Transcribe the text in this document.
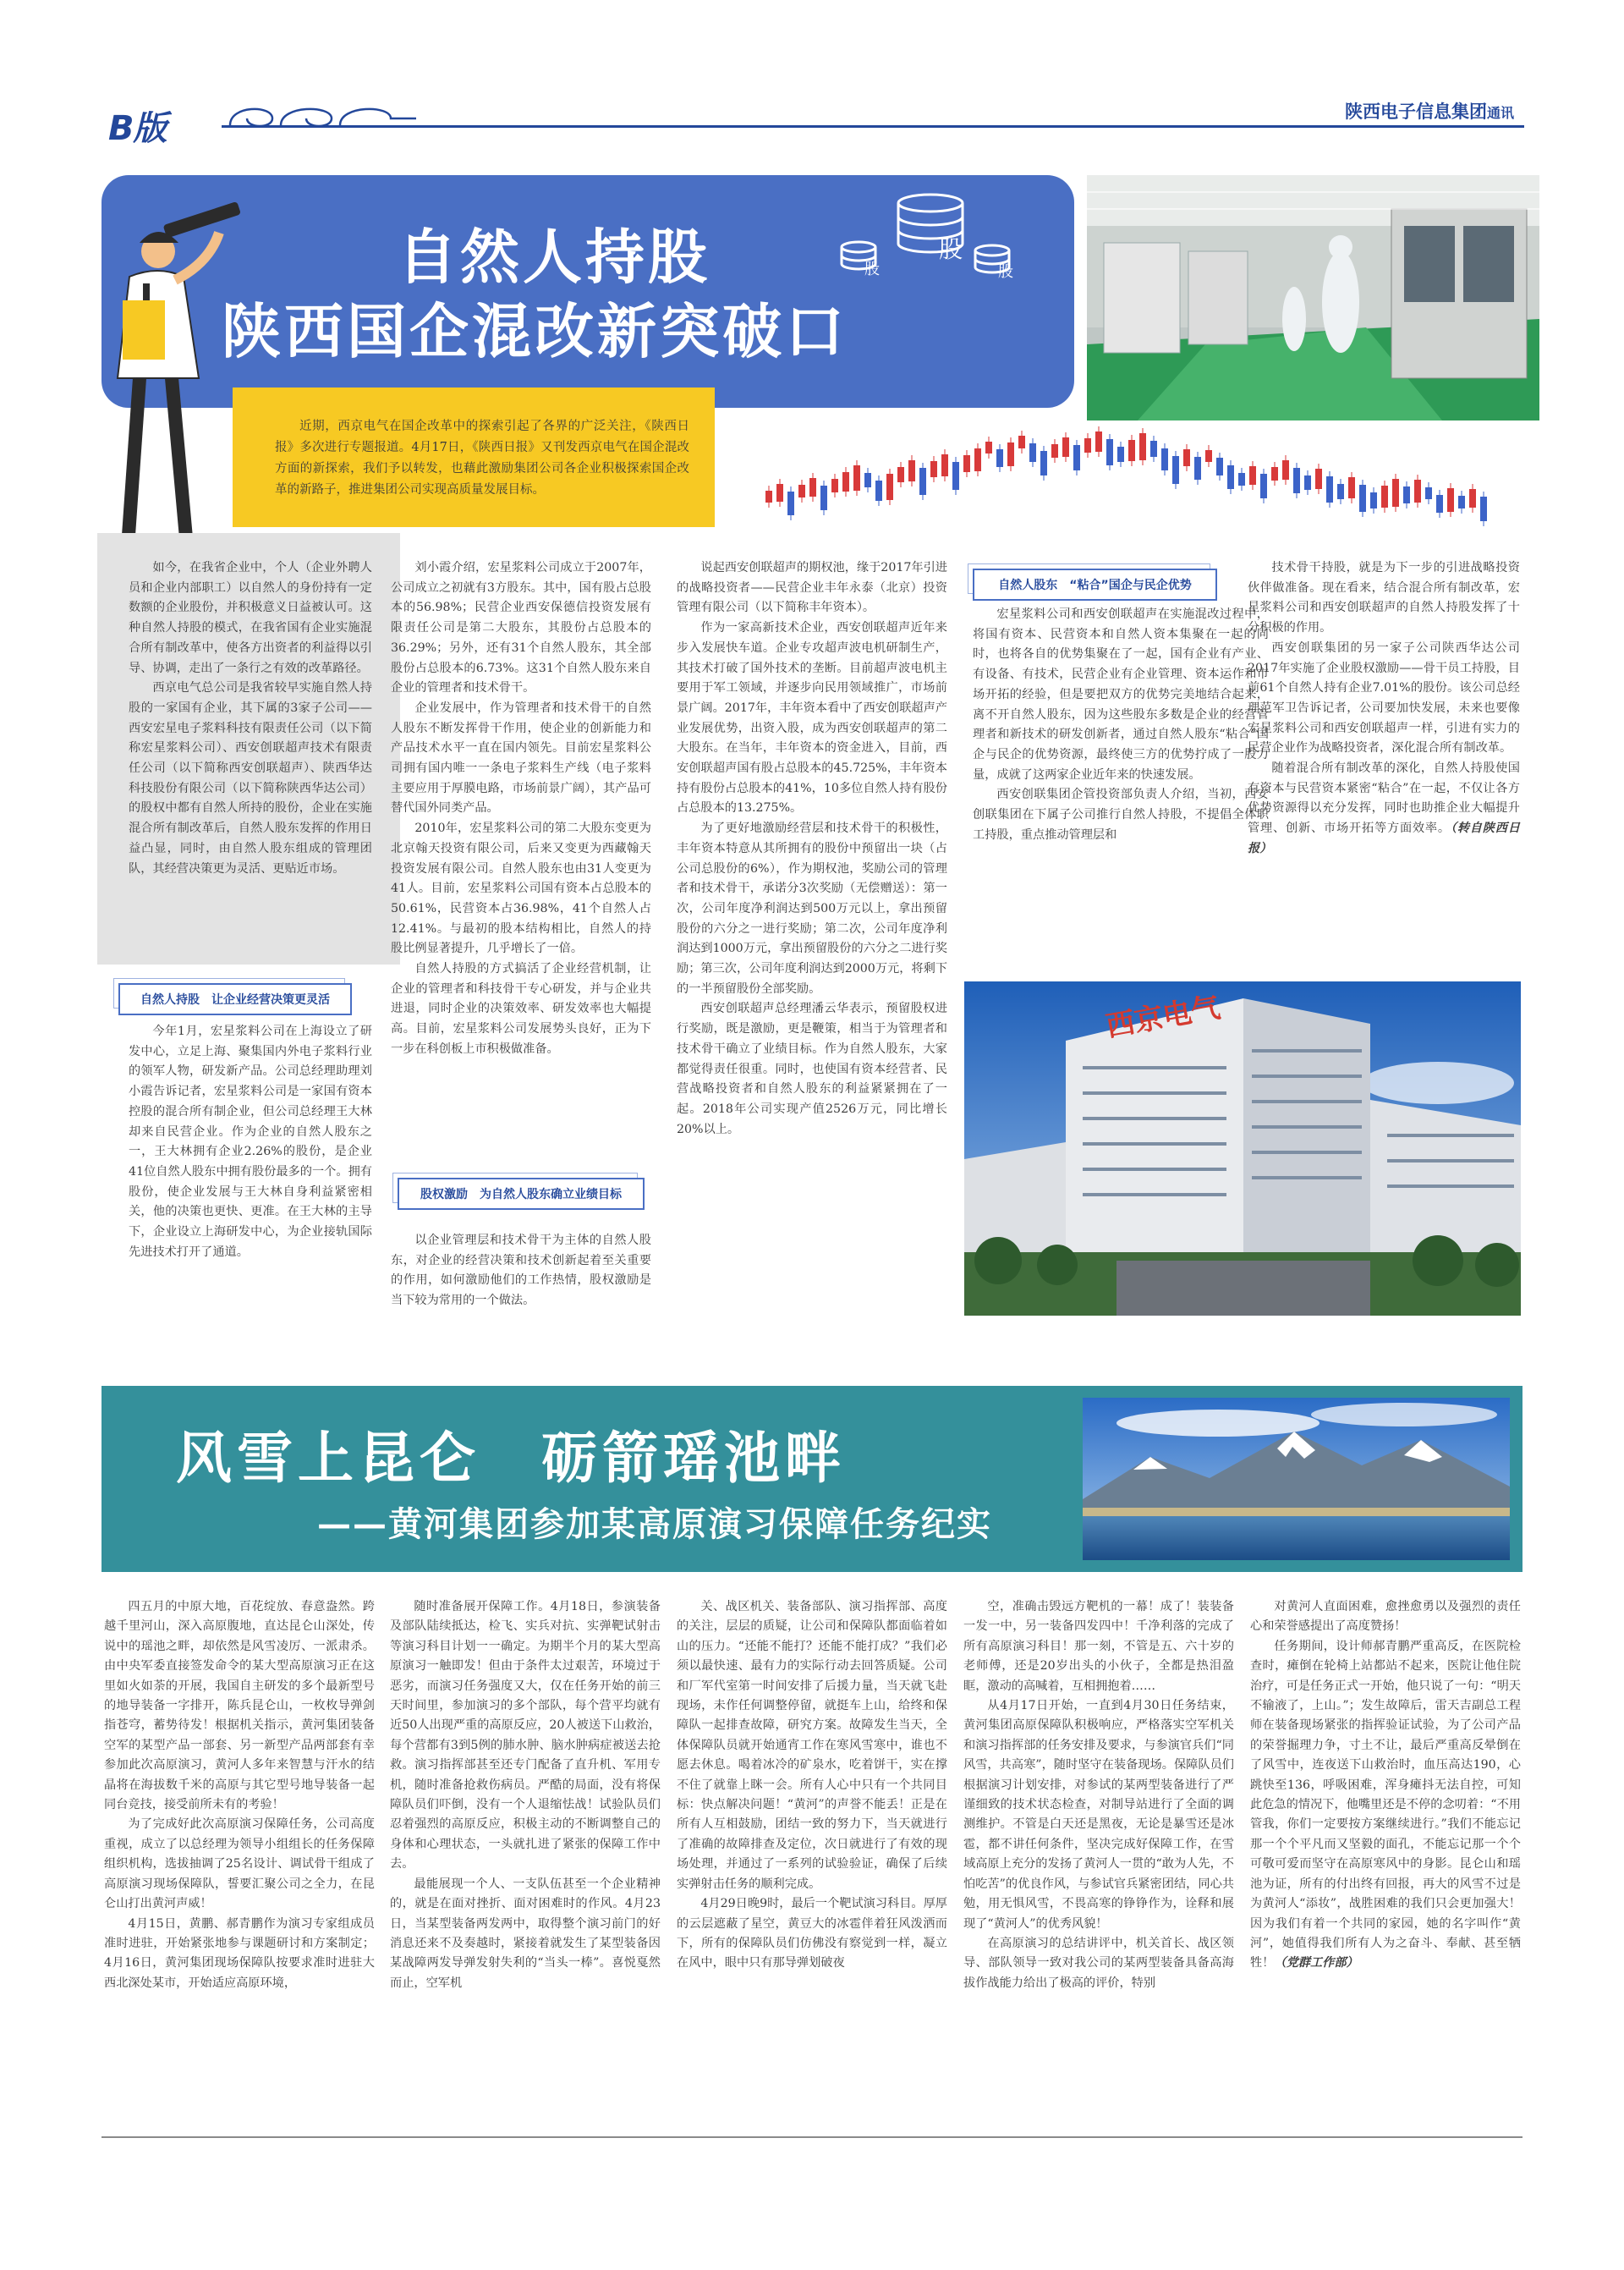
B版	陕西电子信息集团通讯
自然人持股
陕西国企混改新突破口
股
股
股
近期，西京电气在国企改革中的探索引起了各界的广泛关注，《陕西日报》多次进行专题报道。4月17日，《陕西日报》又刊发西京电气在国企混改方面的新探索，我们予以转发，也藉此激励集团公司各企业积极探索国企改革的新路子，推进集团公司实现高质量发展目标。

如今，在我省企业中，个人（企业外聘人员和企业内部职工）以自然人的身份持有一定数额的企业股份，并积极意义日益被认可。这种自然人持股的模式，在我省国有企业实施混合所有制改革中，使各方出资者的利益得以引导、协调，走出了一条行之有效的改革路径。

西京电气总公司是我省较早实施自然人持股的一家国有企业，其下属的3家子公司——西安宏星电子浆料科技有限责任公司（以下简称宏星浆料公司）、西安创联超声技术有限责任公司（以下简称西安创联超声）、陕西华达科技股份有限公司（以下简称陕西华达公司）的股权中都有自然人所持的股份，企业在实施混合所有制改革后，自然人股东发挥的作用日益凸显，同时，由自然人股东组成的管理团队，其经营决策更为灵活、更贴近市场。

自然人持股　让企业经营决策更灵活

今年1月，宏星浆料公司在上海设立了研发中心，立足上海、聚集国内外电子浆料行业的领军人物，研发新产品。公司总经理助理刘小霞告诉记者，宏星浆料公司是一家国有资本控股的混合所有制企业，但公司总经理王大林却来自民营企业。作为企业的自然人股东之一，王大林拥有企业2.26%的股份，是企业41位自然人股东中拥有股份最多的一个。拥有股份，使企业发展与王大林自身利益紧密相关，他的决策也更快、更准。在王大林的主导下，企业设立上海研发中心，为企业接轨国际先进技术打开了通道。

刘小霞介绍，宏星浆料公司成立于2007年，公司成立之初就有3方股东。其中，国有股占总股本的56.98%；民营企业西安保德信投资发展有限责任公司是第二大股东，其股份占总股本的36.29%；另外，还有31个自然人股东，其全部股份占总股本的6.73%。这31个自然人股东来自企业的管理者和技术骨干。

企业发展中，作为管理者和技术骨干的自然人股东不断发挥骨干作用，使企业的创新能力和产品技术水平一直在国内领先。目前宏星浆料公司拥有国内唯一一条电子浆料生产线（电子浆料主要应用于厚膜电路，市场前景广阔），其产品可替代国外同类产品。

2010年，宏星浆料公司的第二大股东变更为北京翰天投资有限公司，后来又变更为西藏翰天投资发展有限公司。自然人股东也由31人变更为41人。目前，宏星浆料公司国有资本占总股本的50.61%，民营资本占36.98%，41个自然人占12.41%。与最初的股本结构相比，自然人的持股比例显著提升，几乎增长了一倍。

自然人持股的方式搞活了企业经营机制，让企业的管理者和科技骨干专心研发，并与企业共进退，同时企业的决策效率、研发效率也大幅提高。目前，宏星浆料公司发展势头良好，正为下一步在科创板上市积极做准备。

股权激励　为自然人股东确立业绩目标

以企业管理层和技术骨干为主体的自然人股东，对企业的经营决策和技术创新起着至关重要的作用，如何激励他们的工作热情，股权激励是当下较为常用的一个做法。

说起西安创联超声的期权池，缘于2017年引进的战略投资者——民营企业丰年永泰（北京）投资管理有限公司（以下简称丰年资本）。

作为一家高新技术企业，西安创联超声近年来步入发展快车道。企业专攻超声波电机研制生产，其技术打破了国外技术的垄断。目前超声波电机主要用于军工领域，并逐步向民用领域推广，市场前景广阔。2017年，丰年资本看中了西安创联超声产业发展优势，出资入股，成为西安创联超声的第二大股东。在当年，丰年资本的资金进入，目前，西安创联超声国有股占总股本的45.725%，丰年资本持有股份占总股本的41%，10多位自然人持有股份占总股本的13.275%。

为了更好地激励经营层和技术骨干的积极性，丰年资本特意从其所拥有的股份中预留出一块（占公司总股份的6%），作为期权池，奖励公司的管理者和技术骨干，承诺分3次奖励（无偿赠送）：第一次，公司年度净利润达到500万元以上，拿出预留股份的六分之一进行奖励；第二次，公司年度净利润达到1000万元，拿出预留股份的六分之二进行奖励；第三次，公司年度利润达到2000万元，将剩下的一半预留股份全部奖励。

西安创联超声总经理潘云华表示，预留股权进行奖励，既是激励，更是鞭策，相当于为管理者和技术骨干确立了业绩目标。作为自然人股东，大家都觉得责任很重。同时，也使国有资本经营者、民营战略投资者和自然人股东的利益紧紧拥在了一起。2018年公司实现产值2526万元，同比增长20%以上。

自然人股东　“粘合”国企与民企优势

宏星浆料公司和西安创联超声在实施混改过程中，将国有资本、民营资本和自然人资本集聚在一起的同时，也将各自的优势集聚在了一起，国有企业有产业、有设备、有技术，民营企业有企业管理、资本运作和市场开拓的经验，但是要把双方的优势完美地结合起来，离不开自然人股东，因为这些股东多数是企业的经营管理者和新技术的研发创新者，通过自然人股东“粘合”国企与民企的优势资源，最终使三方的优势拧成了一股力量，成就了这两家企业近年来的快速发展。

西安创联集团企管投资部负责人介绍，当初，西安创联集团在下属子公司推行自然人持股，不提倡全体职工持股，重点推动管理层和

技术骨干持股，就是为下一步的引进战略投资伙伴做准备。现在看来，结合混合所有制改革，宏星浆料公司和西安创联超声的自然人持股发挥了十分积极的作用。

西安创联集团的另一家子公司陕西华达公司2017年实施了企业股权激励——骨干员工持股，目前61个自然人持有企业7.01%的股份。该公司总经理范军卫告诉记者，公司要加快发展，未来也要像宏星浆料公司和西安创联超声一样，引进有实力的民营企业作为战略投资者，深化混合所有制改革。

随着混合所有制改革的深化，自然人持股使国有资本与民营资本紧密“粘合”在一起，不仅让各方优势资源得以充分发挥，同时也助推企业大幅提升管理、创新、市场开拓等方面效率。（转自陕西日报）

西京电气
风雪上昆仑　砺箭瑶池畔
——黄河集团参加某高原演习保障任务纪实

四五月的中原大地，百花绽放、春意盎然。跨越千里河山，深入高原腹地，直达昆仑山深处，传说中的瑶池之畔，却依然是风雪凌厉、一派肃杀。由中央军委直接签发命令的某大型高原演习正在这里如火如荼的开展，我国自主研发的多个最新型号的地导装备一字排开，陈兵昆仑山，一枚枚导弹剑指苍穹，蓄势待发！根据机关指示，黄河集团装备空军的某型产品一部套、另一新型产品两部套有幸参加此次高原演习，黄河人多年来智慧与汗水的结晶将在海拔数千米的高原与其它型号地导装备一起同台竞技，接受前所未有的考验！

为了完成好此次高原演习保障任务，公司高度重视，成立了以总经理为领导小组组长的任务保障组织机构，选拔抽调了25名设计、调试骨干组成了高原演习现场保障队，誓要汇聚公司之全力，在昆仑山打出黄河声威！

4月15日，黄鹏、郝青鹏作为演习专家组成员准时进驻，开始紧张地参与课题研讨和方案制定；4月16日，黄河集团现场保障队按要求准时进驻大西北深处某市，开始适应高原环境，

随时准备展开保障工作。4月18日，参演装备及部队陆续抵达，检飞、实兵对抗、实弹靶试射击等演习科目计划一一确定。为期半个月的某大型高原演习一触即发！但由于条件太过艰苦，环境过于恶劣，而演习任务强度又大，仅在任务开始的前三天时间里，参加演习的多个部队，每个营平均就有近50人出现严重的高原反应，20人被送下山救治，每个营都有3到5例的肺水肿、脑水肿病症被送去抢救。演习指挥部甚至还专门配备了直升机、军用专机，随时准备抢救伤病员。严酷的局面，没有将保障队员们吓倒，没有一个人退缩怯战！试验队员们忍着强烈的高原反应，积极主动的不断调整自己的身体和心理状态，一头就扎进了紧张的保障工作中去。

最能展现一个人、一支队伍甚至一个企业精神的，就是在面对挫折、面对困难时的作风。4月23日，当某型装备两发两中，取得整个演习前门的好消息还来不及奏越时，紧接着就发生了某型装备因某战障两发导弹发射失利的“当头一棒”。喜悦戛然而止，空军机

关、战区机关、装备部队、演习指挥部、高度的关注，层层的质疑，让公司和保障队都面临着如山的压力。“还能不能打？还能不能打成？”我们必须以最快速、最有力的实际行动去回答质疑。公司和厂军代室第一时间安排了后援力量，当天就飞赴现场，未作任何调整停留，就挺车上山，给终和保障队一起排查故障，研究方案。故障发生当天，全体保障队员就开始通宵工作在寒风雪寒中，谁也不愿去休息。喝着冰冷的矿泉水，吃着饼干，实在撑不住了就靠上眯一会。所有人心中只有一个共同目标：快点解决问题！“黄河”的声誉不能丢！正是在所有人互相鼓励，团结一致的努力下，当天就进行了准确的故障排查及定位，次日就进行了有效的现场处理，并通过了一系列的试验验证，确保了后续实弹射击任务的顺利完成。

4月29日晚9时，最后一个靶试演习科目。厚厚的云层遮蔽了星空，黄豆大的冰雹伴着狂风泼洒而下，所有的保障队员们仿佛没有察觉到一样，凝立在风中，眼中只有那导弹划破夜

空，准确击毁远方靶机的一幕！成了！装装备一发一中，另一装备四发四中！千净利落的完成了所有高原演习科目！那一刻，不管是五、六十岁的老师傅，还是20岁出头的小伙子，全都是热泪盈眶，激动的高喊着，互相拥抱着……

从4月17日开始，一直到4月30日任务结束，黄河集团高原保障队积极响应，严格落实空军机关和演习指挥部的任务安排及要求，与参演官兵们“同风雪，共高寒”，随时坚守在装备现场。保障队员们根据演习计划安排，对参试的某两型装备进行了严谨细致的技术状态检查，对制导站进行了全面的调测维护。不管是白天还是黑夜，无论是暴雪还是冰雹，都不讲任何条件，坚决完成好保障工作，在雪域高原上充分的发扬了黄河人一贯的“敢为人先，不怕吃苦”的优良作风，与参试官兵紧密团结，同心共勉，用无惧风雪，不畏高寒的铮铮作为，诠释和展现了“黄河人”的优秀风貌！

在高原演习的总结讲评中，机关首长、战区领导、部队领导一致对我公司的某两型装备具备高海拔作战能力给出了极高的评价，特别

对黄河人直面困难，愈挫愈勇以及强烈的责任心和荣誉感提出了高度赞扬！

任务期间，设计师郝青鹏严重高反，在医院检查时，瘫倒在轮椅上站都站不起来，医院让他住院治疗，可是任务正式一开始，他只说了一句：“明天不输液了，上山。”；发生故障后，雷天吉副总工程师在装备现场紧张的指挥验证试验，为了公司产品的荣誉掘理力争，寸土不让，最后严重高反晕倒在了风雪中，连夜送下山救治时，血压高达190，心跳快至136，呼吸困难，浑身瘫抖无法自控，可知此危急的情况下，他嘴里还是不停的念叨着：“不用管我，你们一定要按方案继续进行。”我们不能忘记那一个个平凡而又坚毅的面孔，不能忘记那一个个可敬可爱而坚守在高原寒风中的身影。昆仑山和瑶池为证，所有的付出终有回报，再大的风雪不过是为黄河人“添妆”，战胜困难的我们只会更加强大！因为我们有着一个共同的家园，她的名字叫作“黄河”，她值得我们所有人为之奋斗、奉献、甚至牺牲！（党群工作部）
